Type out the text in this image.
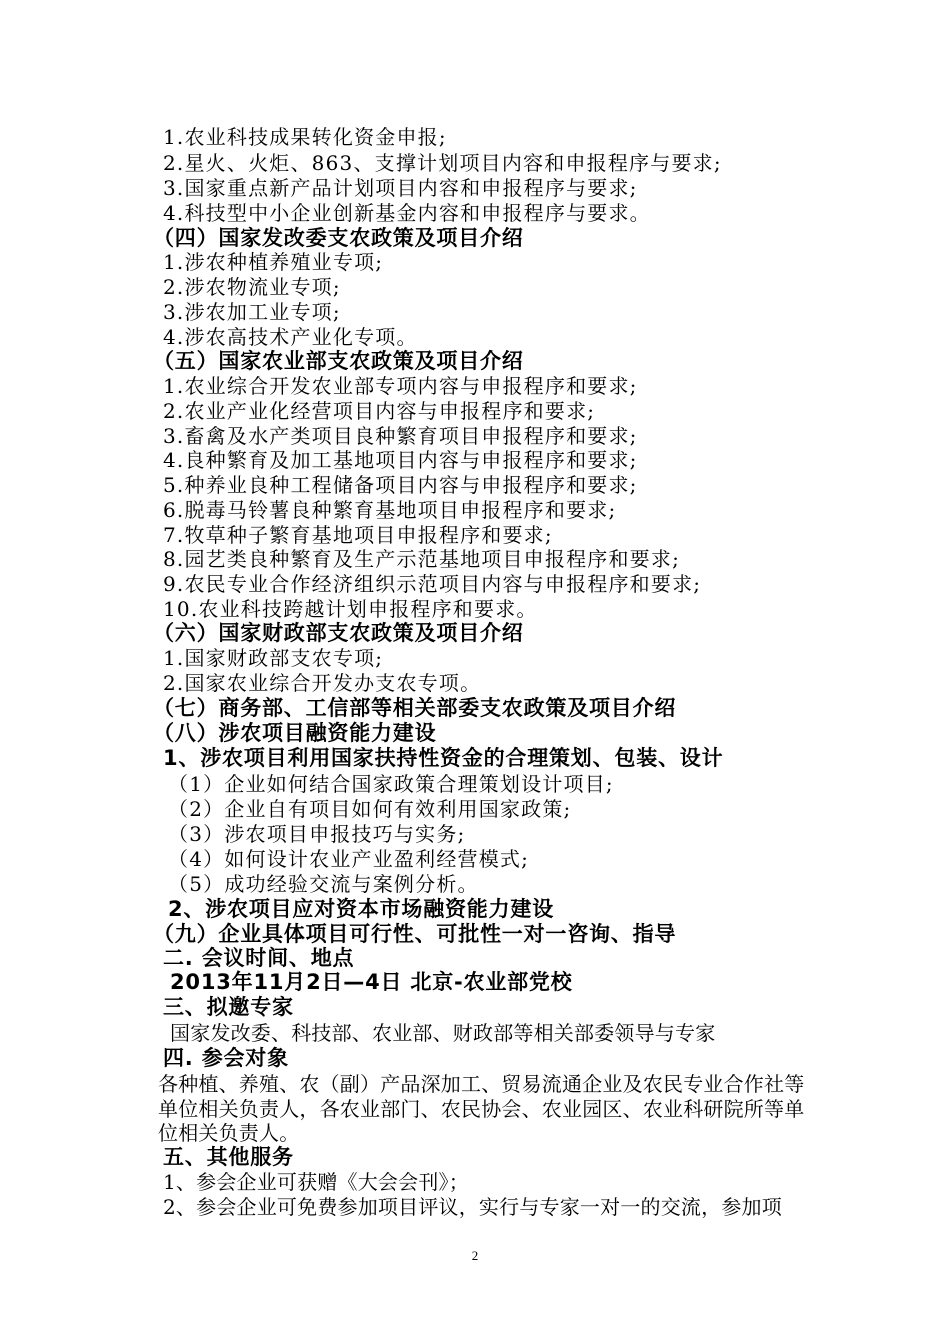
1.农业科技成果转化资金申报;
2.星火、火炬、863、支撑计划项目内容和申报程序与要求;
3.国家重点新产品计划项目内容和申报程序与要求;
4.科技型中小企业创新基金内容和申报程序与要求。
（四）国家发改委支农政策及项目介绍
1.涉农种植养殖业专项;
2.涉农物流业专项;
3.涉农加工业专项;
4.涉农高技术产业化专项。
（五）国家农业部支农政策及项目介绍
1.农业综合开发农业部专项内容与申报程序和要求;
2.农业产业化经营项目内容与申报程序和要求;
3.畜禽及水产类项目良种繁育项目申报程序和要求;
4.良种繁育及加工基地项目内容与申报程序和要求;
5.种养业良种工程储备项目内容与申报程序和要求;
6.脱毒马铃薯良种繁育基地项目申报程序和要求;
7.牧草种子繁育基地项目申报程序和要求;
8.园艺类良种繁育及生产示范基地项目申报程序和要求;
9.农民专业合作经济组织示范项目内容与申报程序和要求;
10.农业科技跨越计划申报程序和要求。
（六）国家财政部支农政策及项目介绍
1.国家财政部支农专项;
2.国家农业综合开发办支农专项。
（七）商务部、工信部等相关部委支农政策及项目介绍
（八）涉农项目融资能力建设
1、涉农项目利用国家扶持性资金的合理策划、包装、设计
（1）企业如何结合国家政策合理策划设计项目;
（2）企业自有项目如何有效利用国家政策;
（3）涉农项目申报技巧与实务;
（4）如何设计农业产业盈利经营模式;
（5）成功经验交流与案例分析。
2、涉农项目应对资本市场融资能力建设
（九）企业具体项目可行性、可批性一对一咨询、指导
二. 会议时间、地点
2013年11月2日—4日 北京-农业部党校
三、拟邀专家
国家发改委、科技部、农业部、财政部等相关部委领导与专家
四. 参会对象
各种植、养殖、农（副）产品深加工、贸易流通企业及农民专业合作社等
单位相关负责人，各农业部门、农民协会、农业园区、农业科研院所等单
位相关负责人。
五、其他服务
1、参会企业可获赠《大会会刊》；
2、参会企业可免费参加项目评议，实行与专家一对一的交流，参加项
2
